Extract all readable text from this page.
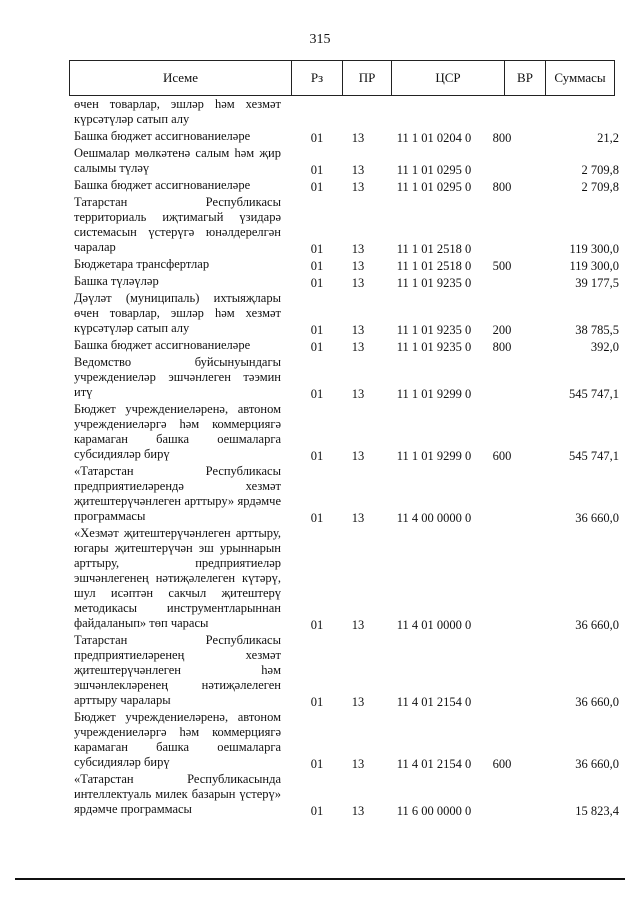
315
Исеме	Рз	ПР	ЦСР	ВР	Суммасы
өчен товарлар, эшләр һәм хезмәт күрсәтүләр сатып алу					
Башка бюджет ассигнованиеләре	01	13	11 1 01 0204 0	800	21,2
Оешмалар мөлкәтенә салым һәм җир салымы түләү	01	13	11 1 01 0295 0		2 709,8
Башка бюджет ассигнованиеләре	01	13	11 1 01 0295 0	800	2 709,8
Татарстан Республикасы территориаль иҗтимагый үзидарә системасын үстерүгә юнәлдерелгән чаралар	01	13	11 1 01 2518 0		119 300,0
Бюджетара трансфертлар	01	13	11 1 01 2518 0	500	119 300,0
Башка түләүләр	01	13	11 1 01 9235 0		39 177,5
Дәүләт (муниципаль) ихтыяҗлары өчен товарлар, эшләр һәм хезмәт күрсәтүләр сатып алу	01	13	11 1 01 9235 0	200	38 785,5
Башка бюджет ассигнованиеләре	01	13	11 1 01 9235 0	800	392,0
Ведомство буйсынуындагы учреждениеләр эшчәнлеген тәэмин итү	01	13	11 1 01 9299 0		545 747,1
Бюджет учреждениеләренә, автоном учреждениеләргә һәм коммерциягә карамаган башка оешмаларга субсидияләр бирү	01	13	11 1 01 9299 0	600	545 747,1
«Татарстан Республикасы предприятиеләрендә хезмәт җитештерүчәнлеген арттыру» ярдәмче программасы	01	13	11 4 00 0000 0		36 660,0
«Хезмәт җитештерүчәнлеген арттыру, югары җитештерүчән эш урыннарын арттыру, предприятиеләр эшчәнлегенең нәтиҗәлелеген күтәрү, шул исәптән сакчыл җитештерү методикасы инструментларыннан файдаланып» төп чарасы	01	13	11 4 01 0000 0		36 660,0
Татарстан Республикасы предприятиеләренең хезмәт җитештерүчәнлеген һәм эшчәнлекләренең нәтиҗәлелеген арттыру чаралары	01	13	11 4 01 2154 0		36 660,0
Бюджет учреждениеләренә, автоном учреждениеләргә һәм коммерциягә карамаган башка оешмаларга субсидияләр бирү	01	13	11 4 01 2154 0	600	36 660,0
«Татарстан Республикасында интеллектуаль милек базарын үстерү» ярдәмче программасы	01	13	11 6 00 0000 0		15 823,4
